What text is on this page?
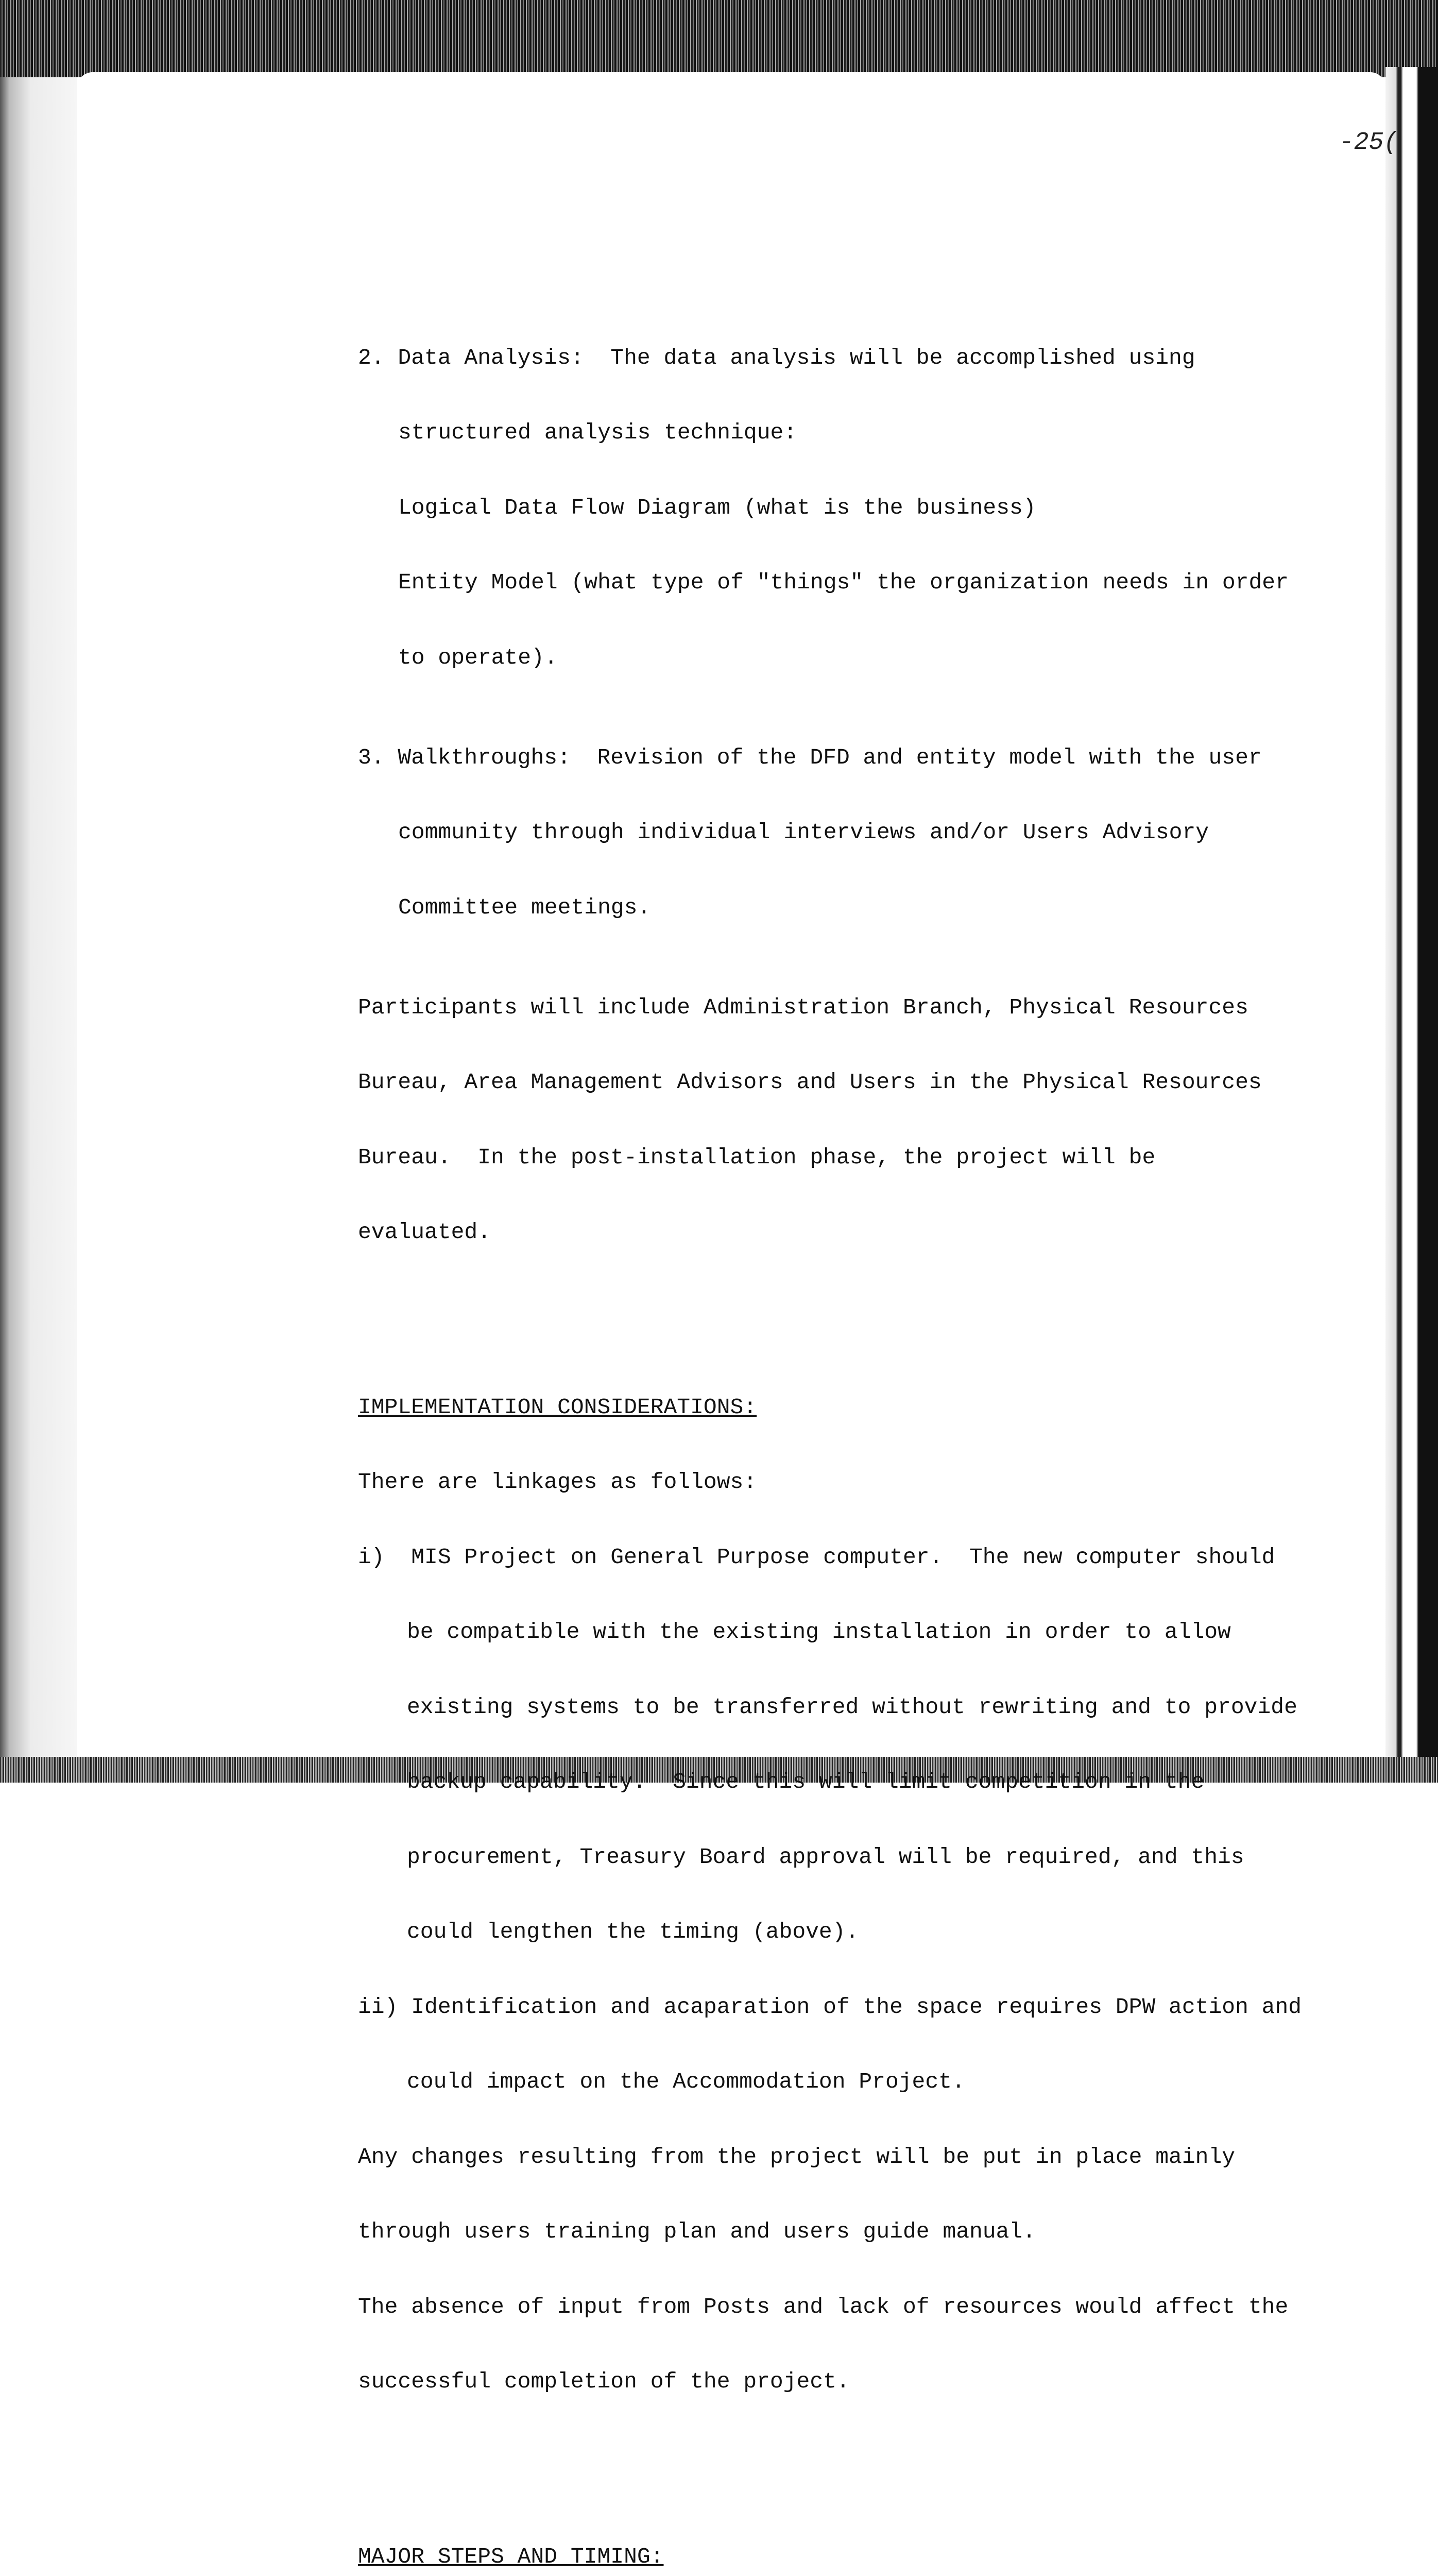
-25(

2. Data Analysis:  The data analysis will be accomplished using

structured analysis technique:

Logical Data Flow Diagram (what is the business)

Entity Model (what type of "things" the organization needs in order

to operate).

3. Walkthroughs:  Revision of the DFD and entity model with the user

community through individual interviews and/or Users Advisory

Committee meetings.

Participants will include Administration Branch, Physical Resources

Bureau, Area Management Advisors and Users in the Physical Resources

Bureau.  In the post-installation phase, the project will be

evaluated.

IMPLEMENTATION CONSIDERATIONS:

There are linkages as follows:

i)  MIS Project on General Purpose computer.  The new computer should

be compatible with the existing installation in order to allow

existing systems to be transferred without rewriting and to provide

backup capability.  Since this will limit competition in the

procurement, Treasury Board approval will be required, and this

could lengthen the timing (above).

ii) Identification and acaparation of the space requires DPW action and

could impact on the Accommodation Project.

Any changes resulting from the project will be put in place mainly

through users training plan and users guide manual.

The absence of input from Posts and lack of resources would affect the

successful completion of the project.

MAJOR STEPS AND TIMING:
